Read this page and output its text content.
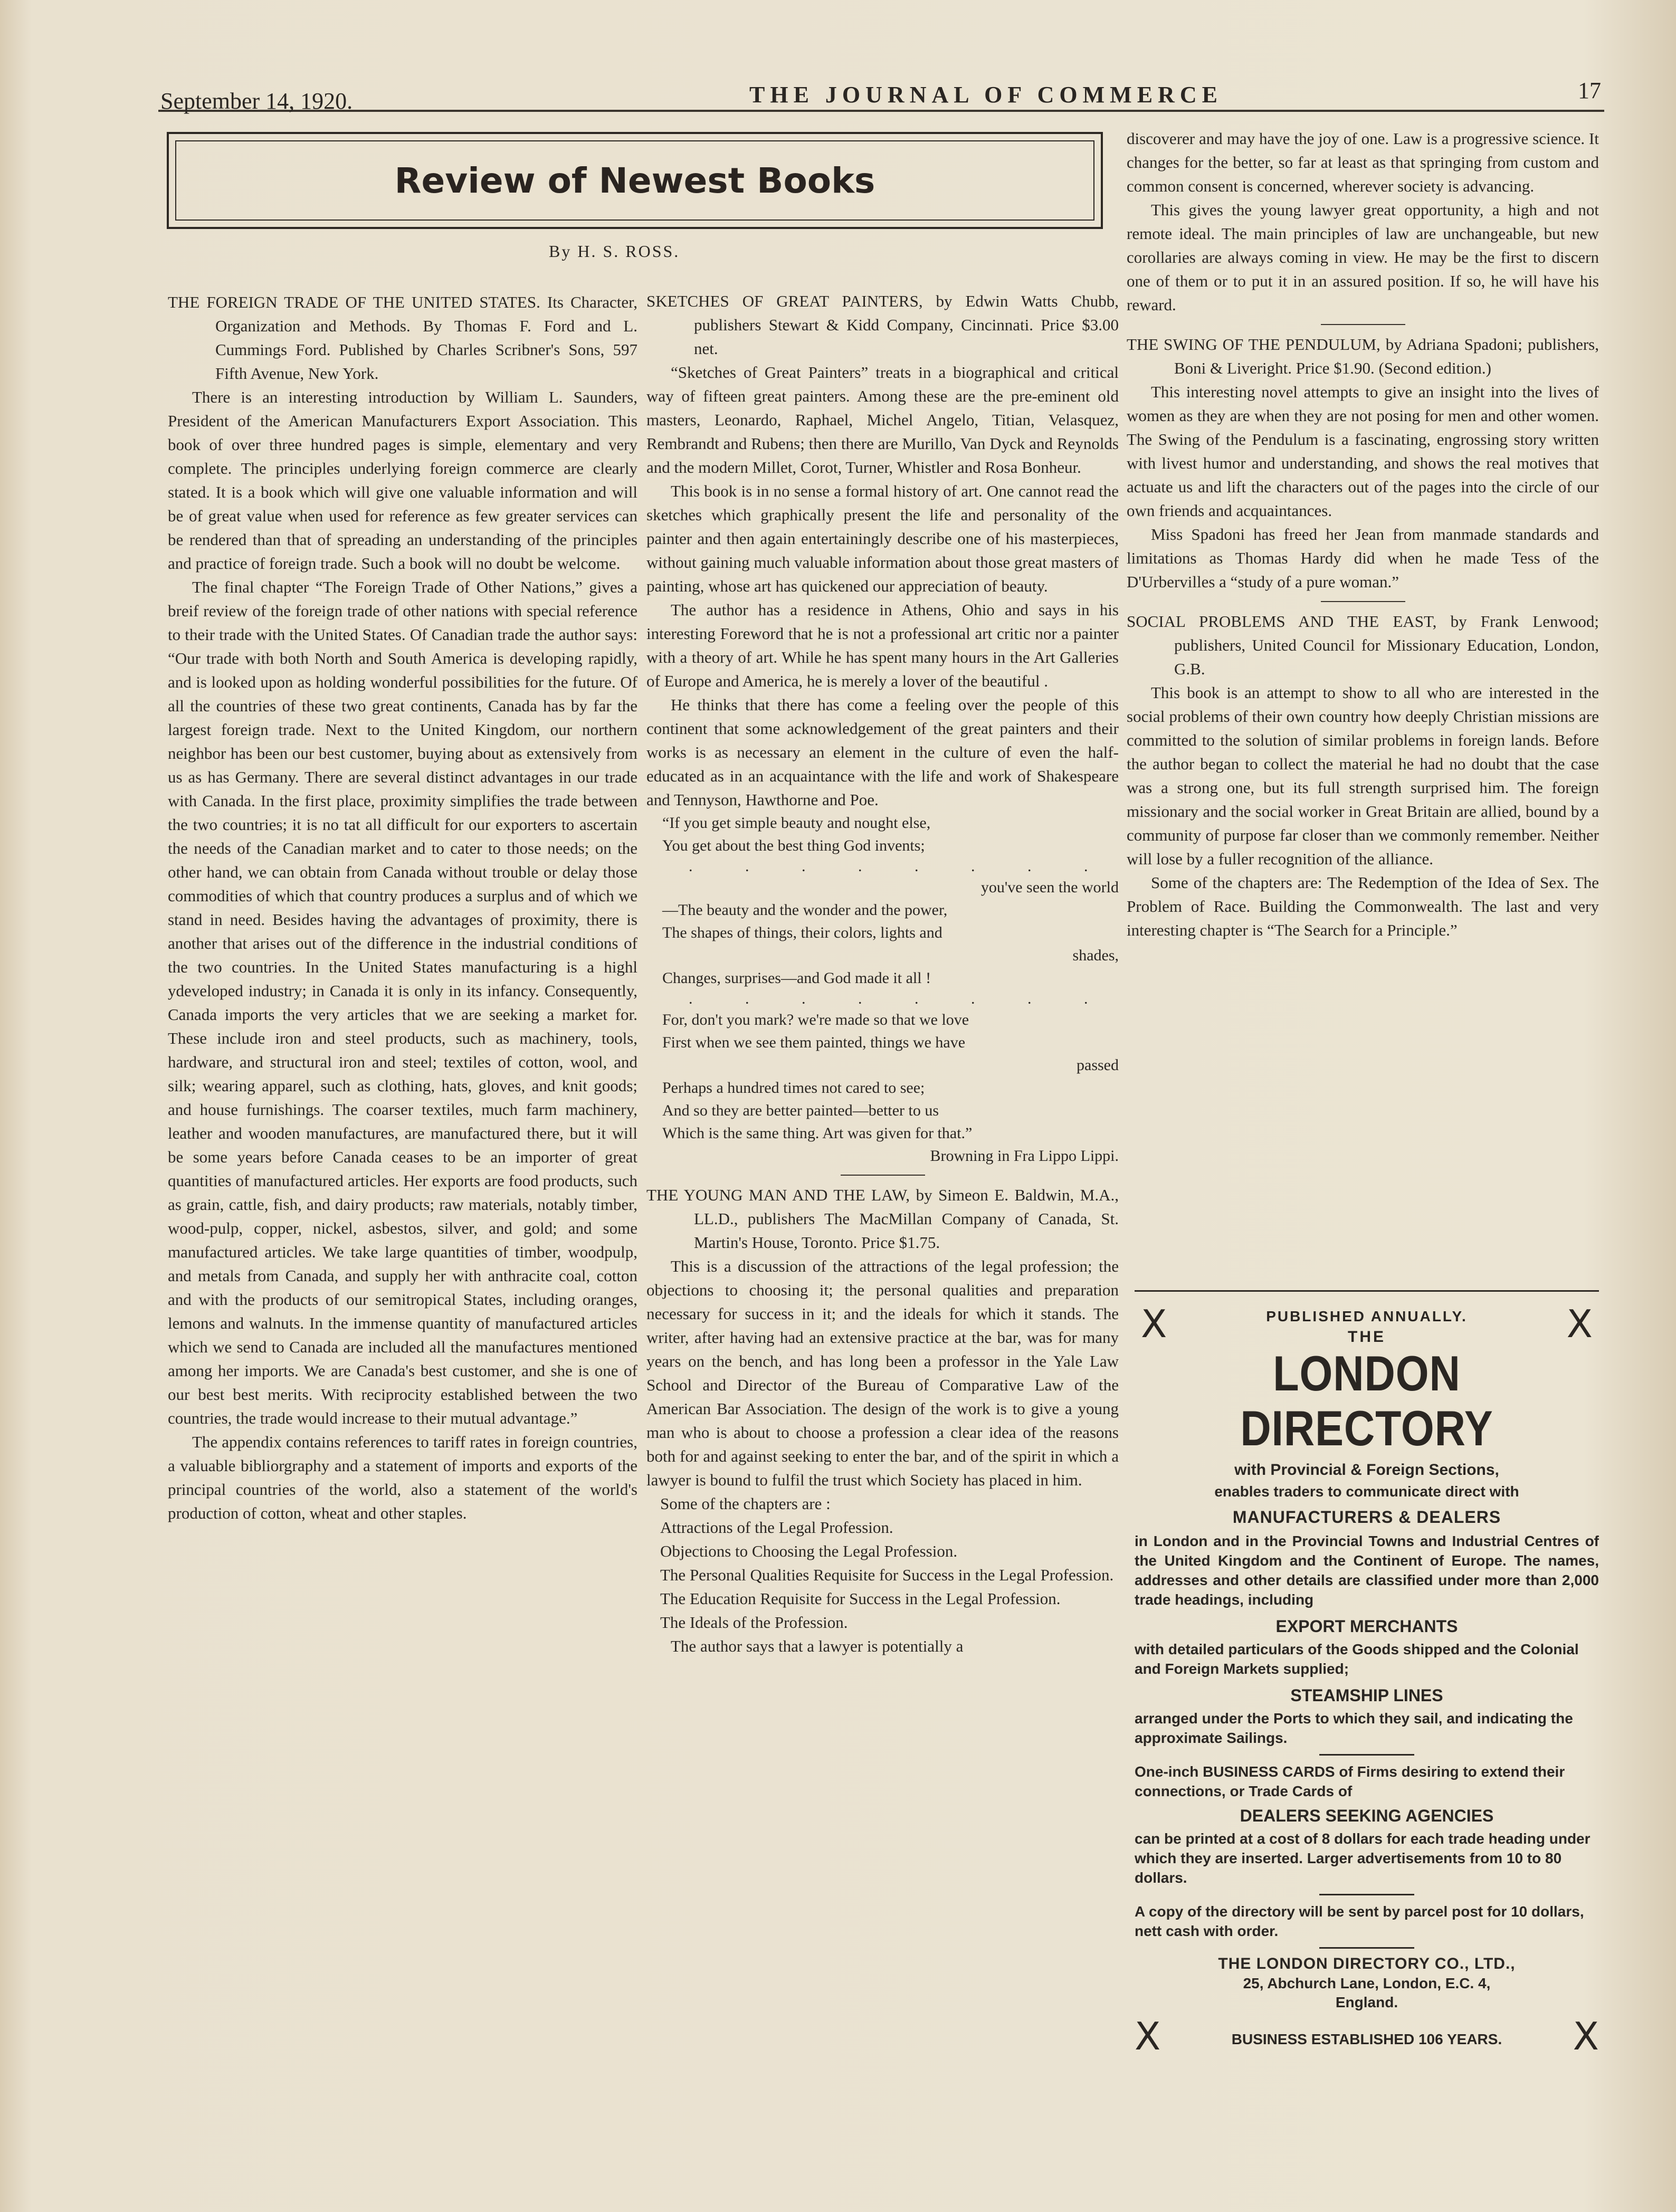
September 14, 1920.	THE JOURNAL OF COMMERCE	17
Review of Newest Books
By H. S. ROSS.

THE FOREIGN TRADE OF THE UNITED STATES. Its Character, Organization and Methods. By Thomas F. Ford and L. Cummings Ford. Published by Charles Scribner's Sons, 597 Fifth Avenue, New York.

There is an interesting introduction by William L. Saunders, President of the American Manufacturers Export Association. This book of over three hundred pages is simple, elementary and very complete. The principles underlying foreign commerce are clearly stated. It is a book which will give one valuable information and will be of great value when used for reference as few greater services can be rendered than that of spreading an understanding of the principles and practice of foreign trade. Such a book will no doubt be welcome.

The final chapter “The Foreign Trade of Other Nations,” gives a breif review of the foreign trade of other nations with special reference to their trade with the United States. Of Canadian trade the author says: “Our trade with both North and South America is developing rapidly, and is looked upon as holding wonderful possibilities for the future. Of all the countries of these two great continents, Canada has by far the largest foreign trade. Next to the United Kingdom, our northern neighbor has been our best customer, buying about as extensively from us as has Germany. There are several distinct advantages in our trade with Canada. In the first place, proximity simplifies the trade between the two countries; it is no tat all difficult for our exporters to ascertain the needs of the Canadian market and to cater to those needs; on the other hand, we can obtain from Canada without trouble or delay those commodities of which that country produces a surplus and of which we stand in need. Besides having the advantages of proximity, there is another that arises out of the difference in the industrial conditions of the two countries. In the United States manufacturing is a highl ydeveloped industry; in Canada it is only in its infancy. Consequently, Canada imports the very articles that we are seeking a market for. These include iron and steel products, such as machinery, tools, hardware, and structural iron and steel; textiles of cotton, wool, and silk; wearing apparel, such as clothing, hats, gloves, and knit goods; and house furnishings. The coarser textiles, much farm machinery, leather and wooden manufactures, are manufactured there, but it will be some years before Canada ceases to be an importer of great quantities of manufactured articles. Her exports are food products, such as grain, cattle, fish, and dairy products; raw materials, notably timber, wood-pulp, copper, nickel, asbestos, silver, and gold; and some manufactured articles. We take large quantities of timber, woodpulp, and metals from Canada, and supply her with anthracite coal, cotton and with the products of our semitropical States, including oranges, lemons and walnuts. In the immense quantity of manufactured articles which we send to Canada are included all the manufactures mentioned among her imports. We are Canada's best customer, and she is one of our best best merits. With reciprocity established between the two countries, the trade would increase to their mutual advantage.”

The appendix contains references to tariff rates in foreign countries, a valuable bibliorgraphy and a statement of imports and exports of the principal countries of the world, also a statement of the world's production of cotton, wheat and other staples.

SKETCHES OF GREAT PAINTERS, by Edwin Watts Chubb, publishers Stewart & Kidd Company, Cincinnati. Price $3.00 net.

“Sketches of Great Painters” treats in a biographical and critical way of fifteen great painters. Among these are the pre-eminent old masters, Leonardo, Raphael, Michel Angelo, Titian, Velasquez, Rembrandt and Rubens; then there are Murillo, Van Dyck and Reynolds and the modern Millet, Corot, Turner, Whistler and Rosa Bonheur.

This book is in no sense a formal history of art. One cannot read the sketches which graphically present the life and personality of the painter and then again entertainingly describe one of his masterpieces, without gaining much valuable information about those great masters of painting, whose art has quickened our appreciation of beauty.

The author has a residence in Athens, Ohio and says in his interesting Foreword that he is not a professional art critic nor a painter with a theory of art. While he has spent many hours in the Art Galleries of Europe and America, he is merely a lover of the beautiful .

He thinks that there has come a feeling over the people of this continent that some acknowledgement of the great painters and their works is as necessary an element in the culture of even the half-educated as in an acquaintance with the life and work of Shakespeare and Tennyson, Hawthorne and Poe.

“If you get simple beauty and nought else,

You get about the best thing God invents;

. . . . . . . .

you've seen the world

—The beauty and the wonder and the power,

The shapes of things, their colors, lights and

shades,

Changes, surprises—and God made it all !

. . . . . . . .

For, don't you mark? we're made so that we love

First when we see them painted, things we have

passed

Perhaps a hundred times not cared to see;

And so they are better painted—better to us

Which is the same thing. Art was given for that.”

Browning in Fra Lippo Lippi.

THE YOUNG MAN AND THE LAW, by Simeon E. Baldwin, M.A., LL.D., publishers The MacMillan Company of Canada, St. Martin's House, Toronto. Price $1.75.

This is a discussion of the attractions of the legal profession; the objections to choosing it; the personal qualities and preparation necessary for success in it; and the ideals for which it stands. The writer, after having had an extensive practice at the bar, was for many years on the bench, and has long been a professor in the Yale Law School and Director of the Bureau of Comparative Law of the American Bar Association. The design of the work is to give a young man who is about to choose a profession a clear idea of the reasons both for and against seeking to enter the bar, and of the spirit in which a lawyer is bound to fulfil the trust which Society has placed in him.

Some of the chapters are :

Attractions of the Legal Profession.

Objections to Choosing the Legal Profession.

The Personal Qualities Requisite for Success in the Legal Profession.

The Education Requisite for Success in the Legal Profession.

The Ideals of the Profession.

The author says that a lawyer is potentially a

discoverer and may have the joy of one. Law is a progressive science. It changes for the better, so far at least as that springing from custom and common consent is concerned, wherever society is advancing.

This gives the young lawyer great opportunity, a high and not remote ideal. The main principles of law are unchangeable, but new corollaries are always coming in view. He may be the first to discern one of them or to put it in an assured position. If so, he will have his reward.

THE SWING OF THE PENDULUM, by Adriana Spadoni; publishers, Boni & Liveright. Price $1.90. (Second edition.)

This interesting novel attempts to give an insight into the lives of women as they are when they are not posing for men and other women. The Swing of the Pendulum is a fascinating, engrossing story written with livest humor and understanding, and shows the real motives that actuate us and lift the characters out of the pages into the circle of our own friends and acquaintances.

Miss Spadoni has freed her Jean from manmade standards and limitations as Thomas Hardy did when he made Tess of the D'Urbervilles a “study of a pure woman.”

SOCIAL PROBLEMS AND THE EAST, by Frank Lenwood; publishers, United Council for Missionary Education, London, G.B.

This book is an attempt to show to all who are interested in the social problems of their own country how deeply Christian missions are committed to the solution of similar problems in foreign lands. Before the author began to collect the material he had no doubt that the case was a strong one, but its full strength surprised him. The foreign missionary and the social worker in Great Britain are allied, bound by a community of purpose far closer than we commonly remember. Neither will lose by a fuller recognition of the alliance.

Some of the chapters are: The Redemption of the Idea of Sex. The Problem of Race. Building the Commonwealth. The last and very interesting chapter is “The Search for a Principle.”

X	X
PUBLISHED ANNUALLY.
THE
LONDON DIRECTORY
with Provincial & Foreign Sections,
enables traders to communicate direct with
MANUFACTURERS & DEALERS

in London and in the Provincial Towns and Industrial Centres of the United Kingdom and the Continent of Europe. The names, addresses and other details are classified under more than 2,000 trade headings, including

EXPORT MERCHANTS

with detailed particulars of the Goods shipped and the Colonial and Foreign Markets supplied;

STEAMSHIP LINES

arranged under the Ports to which they sail, and indicating the approximate Sailings.

One-inch BUSINESS CARDS of Firms desiring to extend their connections, or Trade Cards of

DEALERS SEEKING AGENCIES

can be printed at a cost of 8 dollars for each trade heading under which they are inserted. Larger advertisements from 10 to 80 dollars.

A copy of the directory will be sent by parcel post for 10 dollars, nett cash with order.

THE LONDON DIRECTORY CO., LTD.,
25, Abchurch Lane, London, E.C. 4,
England.
X	BUSINESS ESTABLISHED 106 YEARS.	X
